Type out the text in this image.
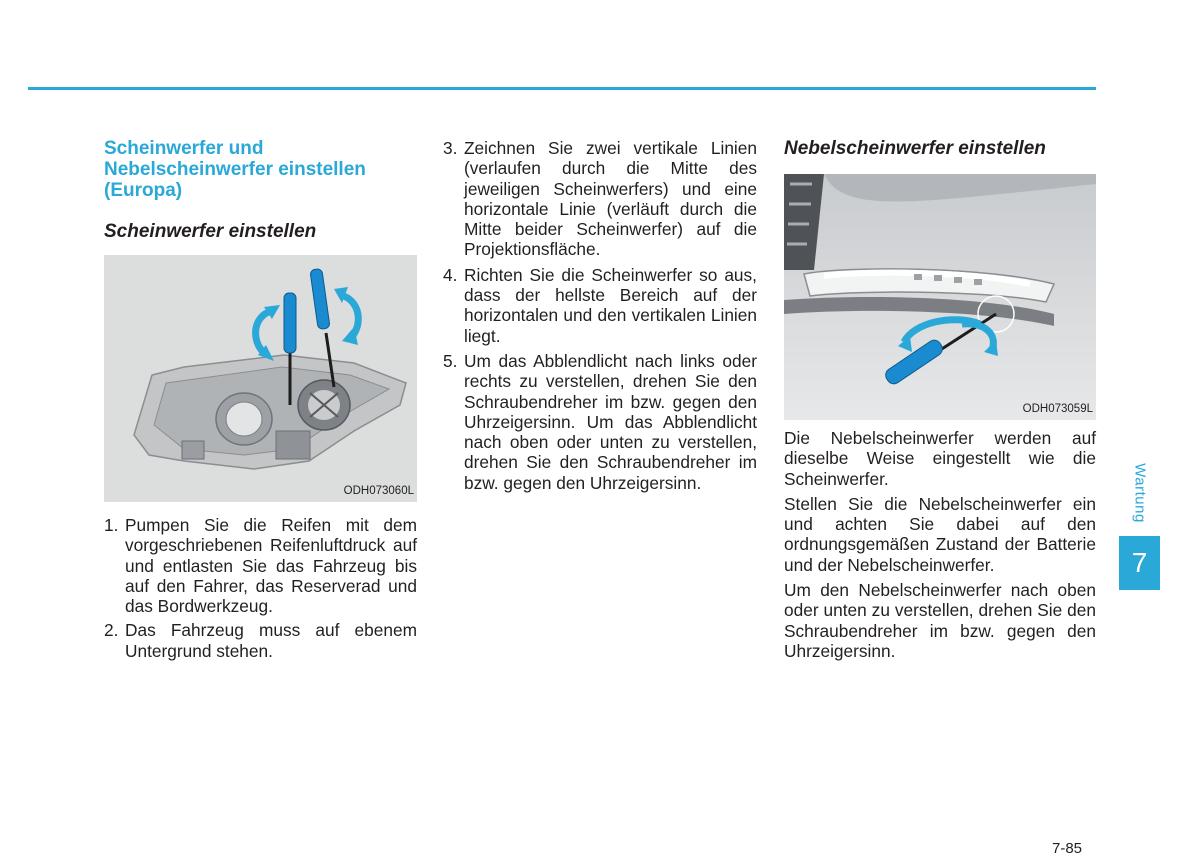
Scheinwerfer und Nebelscheinwerfer einstellen (Europa)
Scheinwerfer einstellen
ODH073060L
1. Pumpen Sie die Reifen mit dem vorgeschriebenen Reifenluftdruck auf und entlasten Sie das Fahrzeug bis auf den Fahrer, das Reserverad und das Bordwerkzeug.
2. Das Fahrzeug muss auf ebenem Untergrund stehen.
3. Zeichnen Sie zwei vertikale Linien (verlaufen durch die Mitte des jeweiligen Scheinwerfers) und eine horizontale Linie (verläuft durch die Mitte beider Scheinwerfer) auf die Projektionsfläche.
4. Richten Sie die Scheinwerfer so aus, dass der hellste Bereich auf der horizontalen und den vertikalen Linien liegt.
5. Um das Abblendlicht nach links oder rechts zu verstellen, drehen Sie den Schraubendreher im bzw. gegen den Uhrzeigersinn. Um das Abblendlicht nach oben oder unten zu verstellen, drehen Sie den Schraubendreher im bzw. gegen den Uhrzeigersinn.
Nebelscheinwerfer einstellen
ODH073059L

Die Nebelscheinwerfer werden auf dieselbe Weise eingestellt wie die Scheinwerfer.

Stellen Sie die Nebelscheinwerfer ein und achten Sie dabei auf den ordnungsgemäßen Zustand der Batterie und der Nebelscheinwerfer.

Um den Nebelscheinwerfer nach oben oder unten zu verstellen, drehen Sie den Schraubendreher im bzw. gegen den Uhrzeigersinn.

Wartung
7
7-85
